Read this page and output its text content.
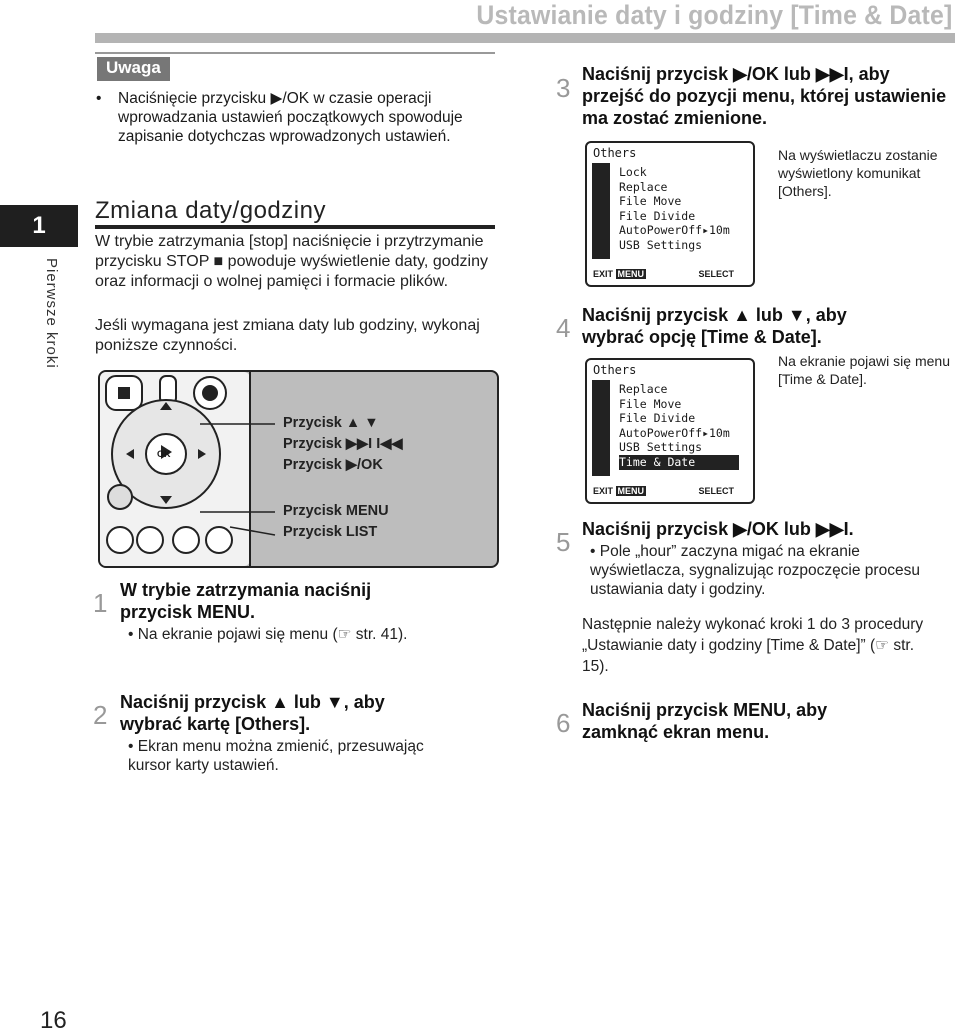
Ustawianie daty i godziny [Time & Date]
1
Pierwsze kroki
16
Uwaga
• Naciśnięcie przycisku ▶/OK w czasie operacji wprowadzania ustawień początkowych spowoduje zapisanie dotychczas wprowadzonych ustawień.
Zmiana daty/godziny
W trybie zatrzymania [stop] naciśnięcie i przytrzymanie przycisku STOP ■ powoduje wyświetlenie daty, godziny oraz informacji o wolnej pamięci i formacie plików.
Jeśli wymagana jest zmiana daty lub godziny, wykonaj poniższe czynności.
OK
Przycisk ▲ ▼
Przycisk ▶▶I I◀◀
Przycisk ▶/OK
Przycisk MENU
Przycisk LIST
1 W trybie zatrzymania naciśnij przycisk MENU.
• Na ekranie pojawi się menu (☞ str. 41).
2 Naciśnij przycisk ▲ lub ▼, aby wybrać kartę [Others].
• Ekran menu można zmienić, przesuwając kursor karty ustawień.
3 Naciśnij przycisk ▶/OK lub ▶▶I, aby przejść do pozycji menu, której ustawienie ma zostać zmienione.
Others
Lock
Replace
File Move
File Divide
AutoPowerOff▸10m
USB Settings
EXIT MENU	SELECT
Na wyświetlaczu zostanie wyświetlony komunikat [Others].
4 Naciśnij przycisk ▲ lub ▼, aby wybrać opcję [Time & Date].
Na ekranie pojawi się menu [Time & Date].
Others
Replace
File Move
File Divide
AutoPowerOff▸10m
USB Settings
Time & Date
EXIT MENU	SELECT
5 Naciśnij przycisk ▶/OK lub ▶▶I.
• Pole „hour” zaczyna migać na ekranie wyświetlacza, sygnalizując rozpoczęcie procesu ustawiania daty i godziny.
Następnie należy wykonać kroki 1 do 3 procedury „Ustawianie daty i godziny [Time & Date]” (☞ str. 15).
6 Naciśnij przycisk MENU, aby zamknąć ekran menu.
